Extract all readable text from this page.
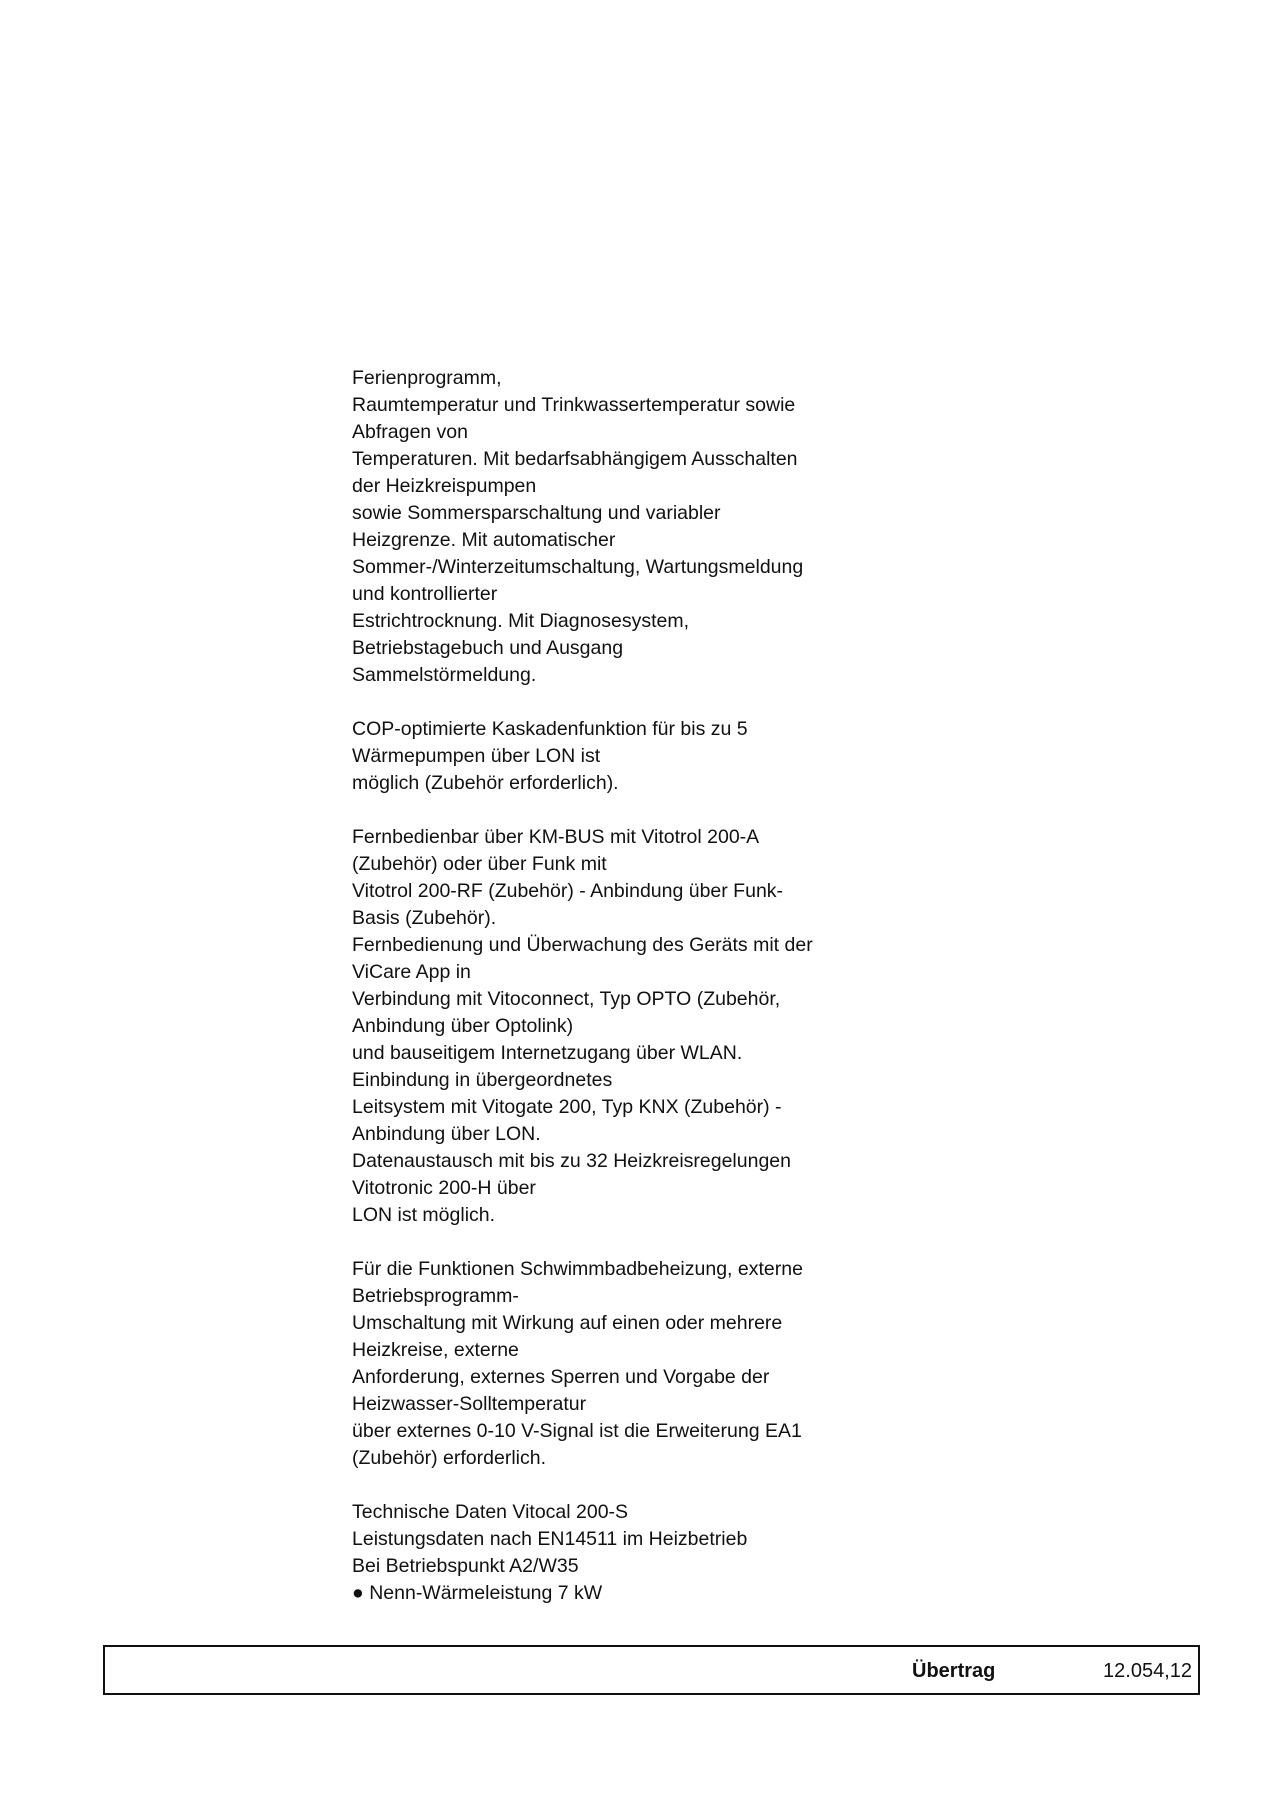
Ferienprogramm,
Raumtemperatur und Trinkwassertemperatur sowie
Abfragen von
Temperaturen. Mit bedarfsabhängigem Ausschalten
der Heizkreispumpen
sowie Sommersparschaltung und variabler
Heizgrenze. Mit automatischer
Sommer-/Winterzeitumschaltung, Wartungsmeldung
und kontrollierter
Estrichtrocknung. Mit Diagnosesystem,
Betriebstagebuch und Ausgang
Sammelstörmeldung.
COP-optimierte Kaskadenfunktion für bis zu 5
Wärmepumpen über LON ist
möglich (Zubehör erforderlich).
Fernbedienbar über KM-BUS mit Vitotrol 200-A
(Zubehör) oder über Funk mit
Vitotrol 200-RF (Zubehör) - Anbindung über Funk-
Basis (Zubehör).
Fernbedienung und Überwachung des Geräts mit der
ViCare App in
Verbindung mit Vitoconnect, Typ OPTO (Zubehör,
Anbindung über Optolink)
und bauseitigem Internetzugang über WLAN.
Einbindung in übergeordnetes
Leitsystem mit Vitogate 200, Typ KNX (Zubehör) -
Anbindung über LON.
Datenaustausch mit bis zu 32 Heizkreisregelungen
Vitotronic 200-H über
LON ist möglich.
Für die Funktionen Schwimmbadbeheizung, externe
Betriebsprogramm-
Umschaltung mit Wirkung auf einen oder mehrere
Heizkreise, externe
Anforderung, externes Sperren und Vorgabe der
Heizwasser-Solltemperatur
über externes 0-10 V-Signal ist die Erweiterung EA1
(Zubehör) erforderlich.
Technische Daten Vitocal 200-S
Leistungsdaten nach EN14511 im Heizbetrieb
Bei Betriebspunkt A2/W35
● Nenn-Wärmeleistung 7 kW
Übertrag	12.054,12
